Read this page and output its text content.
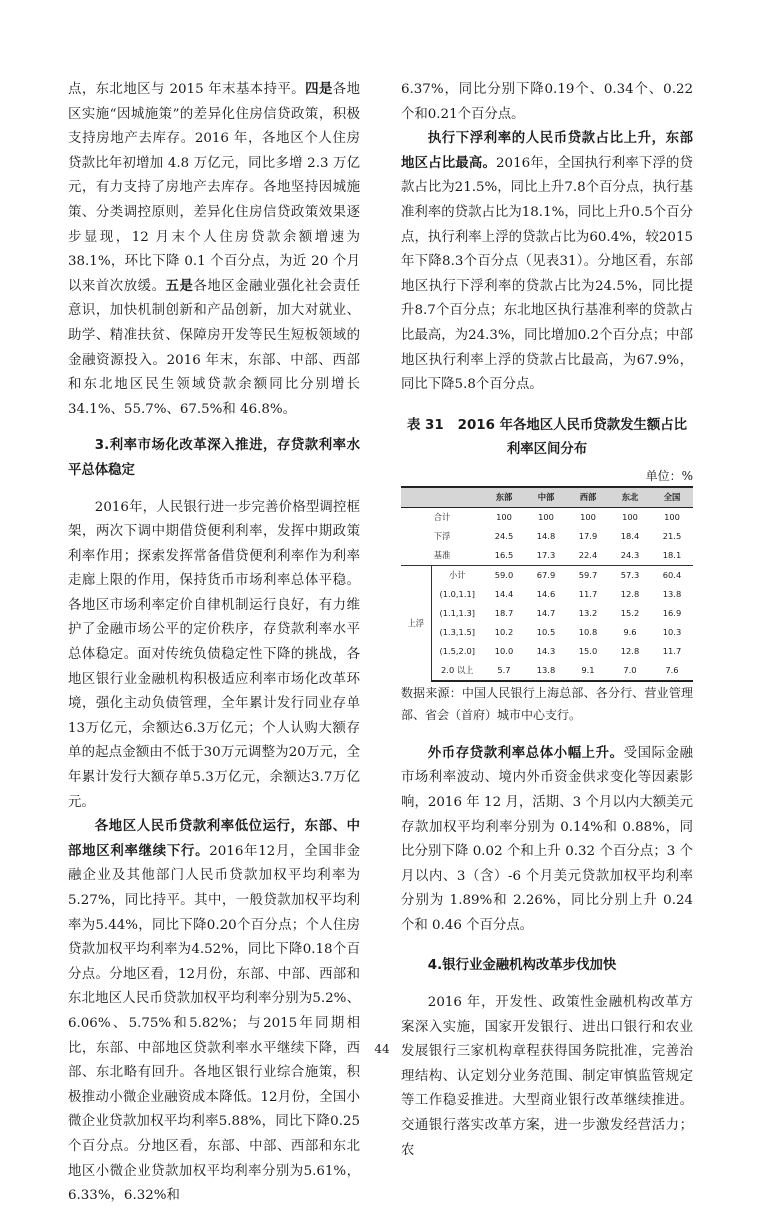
点，东北地区与 2015 年末基本持平。四是各地区实施“因城施策”的差异化住房信贷政策，积极支持房地产去库存。2016 年，各地区个人住房贷款比年初增加 4.8 万亿元，同比多增 2.3 万亿元，有力支持了房地产去库存。各地坚持因城施策、分类调控原则，差异化住房信贷政策效果逐步显现，12 月末个人住房贷款余额增速为 38.1%，环比下降 0.1 个百分点，为近 20 个月以来首次放缓。五是各地区金融业强化社会责任意识，加快机制创新和产品创新，加大对就业、助学、精准扶贫、保障房开发等民生短板领域的金融资源投入。2016 年末，东部、中部、西部和东北地区民生领域贷款余额同比分别增长 34.1%、55.7%、67.5%和 46.8%。

3.利率市场化改革深入推进，存贷款利率水平总体稳定

2016年，人民银行进一步完善价格型调控框架，两次下调中期借贷便利利率，发挥中期政策利率作用；探索发挥常备借贷便利利率作为利率走廊上限的作用，保持货币市场利率总体平稳。各地区市场利率定价自律机制运行良好，有力维护了金融市场公平的定价秩序，存贷款利率水平总体稳定。面对传统负债稳定性下降的挑战，各地区银行业金融机构积极适应利率市场化改革环境，强化主动负债管理，全年累计发行同业存单13万亿元，余额达6.3万亿元；个人认购大额存单的起点金额由不低于30万元调整为20万元，全年累计发行大额存单5.3万亿元，余额达3.7万亿元。

各地区人民币贷款利率低位运行，东部、中部地区利率继续下行。2016年12月，全国非金融企业及其他部门人民币贷款加权平均利率为5.27%，同比持平。其中，一般贷款加权平均利率为5.44%，同比下降0.20个百分点；个人住房贷款加权平均利率为4.52%，同比下降0.18个百分点。分地区看，12月份，东部、中部、西部和东北地区人民币贷款加权平均利率分别为5.2%、6.06%、5.75%和5.82%；与2015年同期相比，东部、中部地区贷款利率水平继续下降，西部、东北略有回升。各地区银行业综合施策，积极推动小微企业融资成本降低。12月份，全国小微企业贷款加权平均利率5.88%，同比下降0.25个百分点。分地区看，东部、中部、西部和东北地区小微企业贷款加权平均利率分别为5.61%，6.33%，6.32%和

6.37%，同比分别下降0.19个、0.34个、0.22个和0.21个百分点。

执行下浮利率的人民币贷款占比上升，东部地区占比最高。2016年，全国执行利率下浮的贷款占比为21.5%，同比上升7.8个百分点，执行基准利率的贷款占比为18.1%，同比上升0.5个百分点，执行利率上浮的贷款占比为60.4%，较2015年下降8.3个百分点（见表31）。分地区看，东部地区执行下浮利率的贷款占比为24.5%，同比提升8.7个百分点；东北地区执行基准利率的贷款占比最高，为24.3%，同比增加0.2个百分点；中部地区执行利率上浮的贷款占比最高，为67.9%，同比下降5.8个百分点。

表 31 2016 年各地区人民币贷款发生额占比利率区间分布

单位：%
		东部	中部	西部	东北	全国
合计		100	100	100	100	100
下浮		24.5	14.8	17.9	18.4	21.5
基准		16.5	17.3	22.4	24.3	18.1
上浮	小计	59.0	67.9	59.7	57.3	60.4
	(1.0,1.1]	14.4	14.6	11.7	12.8	13.8
	(1.1,1.3]	18.7	14.7	13.2	15.2	16.9
	(1.3,1.5]	10.2	10.5	10.8	9.6	10.3
	(1.5,2.0]	10.0	14.3	15.0	12.8	11.7
	2.0 以上	5.7	13.8	9.1	7.0	7.6

数据来源：中国人民银行上海总部、各分行、营业管理部、省会（首府）城市中心支行。

外币存贷款利率总体小幅上升。受国际金融市场利率波动、境内外币资金供求变化等因素影响，2016 年 12 月，活期、3 个月以内大额美元存款加权平均利率分别为 0.14%和 0.88%，同比分别下降 0.02 个和上升 0.32 个百分点；3 个月以内、3（含）-6 个月美元贷款加权平均利率分别为 1.89%和 2.26%，同比分别上升 0.24 个和 0.46 个百分点。

4.银行业金融机构改革步伐加快

2016 年，开发性、政策性金融机构改革方案深入实施，国家开发银行、进出口银行和农业发展银行三家机构章程获得国务院批准，完善治理结构、认定划分业务范围、制定审慎监管规定等工作稳妥推进。大型商业银行改革继续推进。交通银行落实改革方案，进一步激发经营活力；农

44
